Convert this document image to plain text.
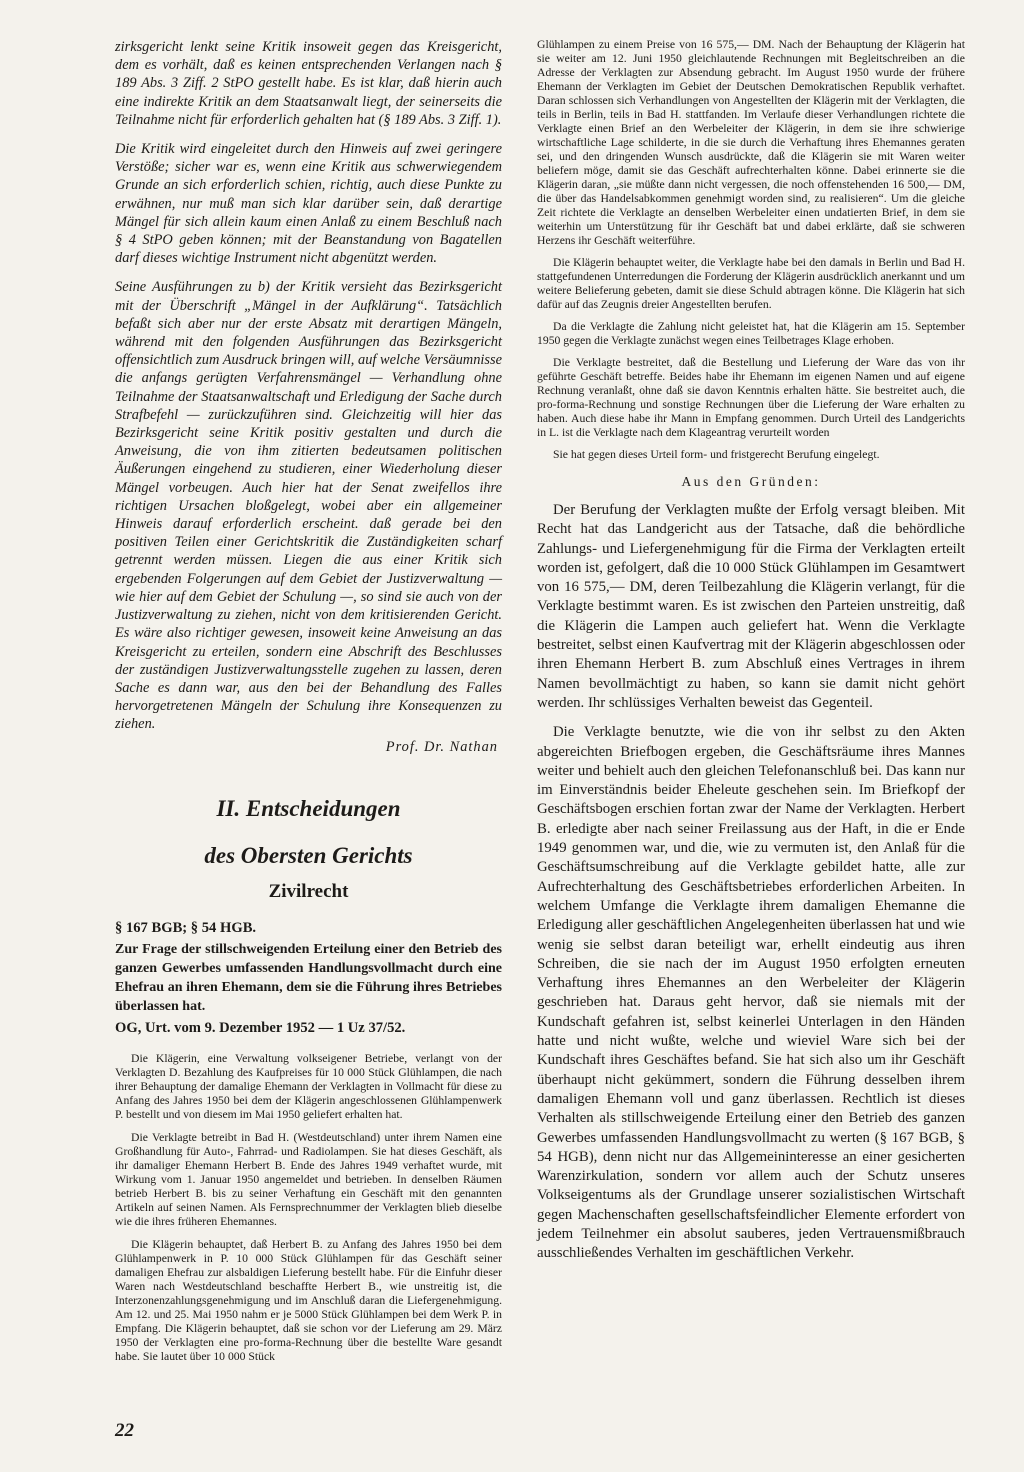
zirksgericht lenkt seine Kritik insoweit gegen das Kreisgericht, dem es vorhält, daß es keinen entsprechenden Verlangen nach § 189 Abs. 3 Ziff. 2 StPO gestellt habe. Es ist klar, daß hierin auch eine indirekte Kritik an dem Staatsanwalt liegt, der seinerseits die Teilnahme nicht für erforderlich gehalten hat (§ 189 Abs. 3 Ziff. 1).

Die Kritik wird eingeleitet durch den Hinweis auf zwei geringere Verstöße; sicher war es, wenn eine Kritik aus schwerwiegendem Grunde an sich erforderlich schien, richtig, auch diese Punkte zu erwähnen, nur muß man sich klar darüber sein, daß derartige Mängel für sich allein kaum einen Anlaß zu einem Beschluß nach § 4 StPO geben können; mit der Beanstandung von Bagatellen darf dieses wichtige Instrument nicht abgenützt werden.

Seine Ausführungen zu b) der Kritik versieht das Bezirksgericht mit der Überschrift „Mängel in der Aufklärung“. Tatsächlich befaßt sich aber nur der erste Absatz mit derartigen Mängeln, während mit den folgenden Ausführungen das Bezirksgericht offensichtlich zum Ausdruck bringen will, auf welche Versäumnisse die anfangs gerügten Verfahrensmängel — Verhandlung ohne Teilnahme der Staatsanwaltschaft und Erledigung der Sache durch Strafbefehl — zurückzuführen sind. Gleichzeitig will hier das Bezirksgericht seine Kritik positiv gestalten und durch die Anweisung, die von ihm zitierten bedeutsamen politischen Äußerungen eingehend zu studieren, einer Wiederholung dieser Mängel vorbeugen. Auch hier hat der Senat zweifellos ihre richtigen Ursachen bloßgelegt, wobei aber ein allgemeiner Hinweis darauf erforderlich erscheint. daß gerade bei den positiven Teilen einer Gerichtskritik die Zuständigkeiten scharf getrennt werden müssen. Liegen die aus einer Kritik sich ergebenden Folgerungen auf dem Gebiet der Justizverwaltung — wie hier auf dem Gebiet der Schulung —, so sind sie auch von der Justizverwaltung zu ziehen, nicht von dem kritisierenden Gericht. Es wäre also richtiger gewesen, insoweit keine Anweisung an das Kreisgericht zu erteilen, sondern eine Abschrift des Beschlusses der zuständigen Justizverwaltungsstelle zugehen zu lassen, deren Sache es dann war, aus den bei der Behandlung des Falles hervorgetretenen Mängeln der Schulung ihre Konsequenzen zu ziehen.

Prof. Dr. Nathan

II. Entscheidungen
des Obersten Gerichts
Zivilrecht
§ 167 BGB; § 54 HGB.

Zur Frage der stillschweigenden Erteilung einer den Betrieb des ganzen Gewerbes umfassenden Handlungsvollmacht durch eine Ehefrau an ihren Ehemann, dem sie die Führung ihres Betriebes überlassen hat.

OG, Urt. vom 9. Dezember 1952 — 1 Uz 37/52.

Die Klägerin, eine Verwaltung volkseigener Betriebe, verlangt von der Verklagten D. Bezahlung des Kaufpreises für 10 000 Stück Glühlampen, die nach ihrer Behauptung der damalige Ehemann der Verklagten in Vollmacht für diese zu Anfang des Jahres 1950 bei dem der Klägerin angeschlossenen Glühlampenwerk P. bestellt und von diesem im Mai 1950 geliefert erhalten hat.

Die Verklagte betreibt in Bad H. (Westdeutschland) unter ihrem Namen eine Großhandlung für Auto-, Fahrrad- und Radiolampen. Sie hat dieses Geschäft, als ihr damaliger Ehemann Herbert B. Ende des Jahres 1949 verhaftet wurde, mit Wirkung vom 1. Januar 1950 angemeldet und betrieben. In denselben Räumen betrieb Herbert B. bis zu seiner Verhaftung ein Geschäft mit den genannten Artikeln auf seinen Namen. Als Fernsprechnummer der Verklagten blieb dieselbe wie die ihres früheren Ehemannes.

Die Klägerin behauptet, daß Herbert B. zu Anfang des Jahres 1950 bei dem Glühlampenwerk in P. 10 000 Stück Glühlampen für das Geschäft seiner damaligen Ehefrau zur alsbaldigen Lieferung bestellt habe. Für die Einfuhr dieser Waren nach Westdeutschland beschaffte Herbert B., wie unstreitig ist, die Interzonenzahlungsgenehmigung und im Anschluß daran die Liefergenehmigung. Am 12. und 25. Mai 1950 nahm er je 5000 Stück Glühlampen bei dem Werk P. in Empfang. Die Klägerin behauptet, daß sie schon vor der Lieferung am 29. März 1950 der Verklagten eine pro-forma-Rechnung über die bestellte Ware gesandt habe. Sie lautet über 10 000 Stück

Glühlampen zu einem Preise von 16 575,— DM. Nach der Behauptung der Klägerin hat sie weiter am 12. Juni 1950 gleichlautende Rechnungen mit Begleitschreiben an die Adresse der Verklagten zur Absendung gebracht. Im August 1950 wurde der frühere Ehemann der Verklagten im Gebiet der Deutschen Demokratischen Republik verhaftet. Daran schlossen sich Verhandlungen von Angestellten der Klägerin mit der Verklagten, die teils in Berlin, teils in Bad H. stattfanden. Im Verlaufe dieser Verhandlungen richtete die Verklagte einen Brief an den Werbeleiter der Klägerin, in dem sie ihre schwierige wirtschaftliche Lage schilderte, in die sie durch die Verhaftung ihres Ehemannes geraten sei, und den dringenden Wunsch ausdrückte, daß die Klägerin sie mit Waren weiter beliefern möge, damit sie das Geschäft aufrechterhalten könne. Dabei erinnerte sie die Klägerin daran, „sie müßte dann nicht vergessen, die noch offenstehenden 16 500,— DM, die über das Handelsabkommen genehmigt worden sind, zu realisieren“. Um die gleiche Zeit richtete die Verklagte an denselben Werbeleiter einen undatierten Brief, in dem sie weiterhin um Unterstützung für ihr Geschäft bat und dabei erklärte, daß sie schweren Herzens ihr Geschäft weiterführe.

Die Klägerin behauptet weiter, die Verklagte habe bei den damals in Berlin und Bad H. stattgefundenen Unterredungen die Forderung der Klägerin ausdrücklich anerkannt und um weitere Belieferung gebeten, damit sie diese Schuld abtragen könne. Die Klägerin hat sich dafür auf das Zeugnis dreier Angestellten berufen.

Da die Verklagte die Zahlung nicht geleistet hat, hat die Klägerin am 15. September 1950 gegen die Verklagte zunächst wegen eines Teilbetrages Klage erhoben.

Die Verklagte bestreitet, daß die Bestellung und Lieferung der Ware das von ihr geführte Geschäft betreffe. Beides habe ihr Ehemann im eigenen Namen und auf eigene Rechnung veranlaßt, ohne daß sie davon Kenntnis erhalten hätte. Sie bestreitet auch, die pro-forma-Rechnung und sonstige Rechnungen über die Lieferung der Ware erhalten zu haben. Auch diese habe ihr Mann in Empfang genommen. Durch Urteil des Landgerichts in L. ist die Verklagte nach dem Klageantrag verurteilt worden

Sie hat gegen dieses Urteil form- und fristgerecht Berufung eingelegt.

Aus den Gründen:

Der Berufung der Verklagten mußte der Erfolg versagt bleiben. Mit Recht hat das Landgericht aus der Tatsache, daß die behördliche Zahlungs- und Liefergenehmigung für die Firma der Verklagten erteilt worden ist, gefolgert, daß die 10 000 Stück Glühlampen im Gesamtwert von 16 575,— DM, deren Teilbezahlung die Klägerin verlangt, für die Verklagte bestimmt waren. Es ist zwischen den Parteien unstreitig, daß die Klägerin die Lampen auch geliefert hat. Wenn die Verklagte bestreitet, selbst einen Kaufvertrag mit der Klägerin abgeschlossen oder ihren Ehemann Herbert B. zum Abschluß eines Vertrages in ihrem Namen bevollmächtigt zu haben, so kann sie damit nicht gehört werden. Ihr schlüssiges Verhalten beweist das Gegenteil.

Die Verklagte benutzte, wie die von ihr selbst zu den Akten abgereichten Briefbogen ergeben, die Geschäftsräume ihres Mannes weiter und behielt auch den gleichen Telefonanschluß bei. Das kann nur im Einverständnis beider Eheleute geschehen sein. Im Briefkopf der Geschäftsbogen erschien fortan zwar der Name der Verklagten. Herbert B. erledigte aber nach seiner Freilassung aus der Haft, in die er Ende 1949 genommen war, und die, wie zu vermuten ist, den Anlaß für die Geschäftsumschreibung auf die Verklagte gebildet hatte, alle zur Aufrechterhaltung des Geschäftsbetriebes erforderlichen Arbeiten. In welchem Umfange die Verklagte ihrem damaligen Ehemanne die Erledigung aller geschäftlichen Angelegenheiten überlassen hat und wie wenig sie selbst daran beteiligt war, erhellt eindeutig aus ihren Schreiben, die sie nach der im August 1950 erfolgten erneuten Verhaftung ihres Ehemannes an den Werbeleiter der Klägerin geschrieben hat. Daraus geht hervor, daß sie niemals mit der Kundschaft gefahren ist, selbst keinerlei Unterlagen in den Händen hatte und nicht wußte, welche und wieviel Ware sich bei der Kundschaft ihres Geschäftes befand. Sie hat sich also um ihr Geschäft überhaupt nicht gekümmert, sondern die Führung desselben ihrem damaligen Ehemann voll und ganz überlassen. Rechtlich ist dieses Verhalten als stillschweigende Erteilung einer den Betrieb des ganzen Gewerbes umfassenden Handlungsvollmacht zu werten (§ 167 BGB, § 54 HGB), denn nicht nur das Allgemeininteresse an einer gesicherten Warenzirkulation, sondern vor allem auch der Schutz unseres Volkseigentums als der Grundlage unserer sozialistischen Wirtschaft gegen Machenschaften gesellschaftsfeindlicher Elemente erfordert von jedem Teilnehmer ein absolut sauberes, jeden Vertrauensmißbrauch ausschließendes Verhalten im geschäftlichen Verkehr.

22
